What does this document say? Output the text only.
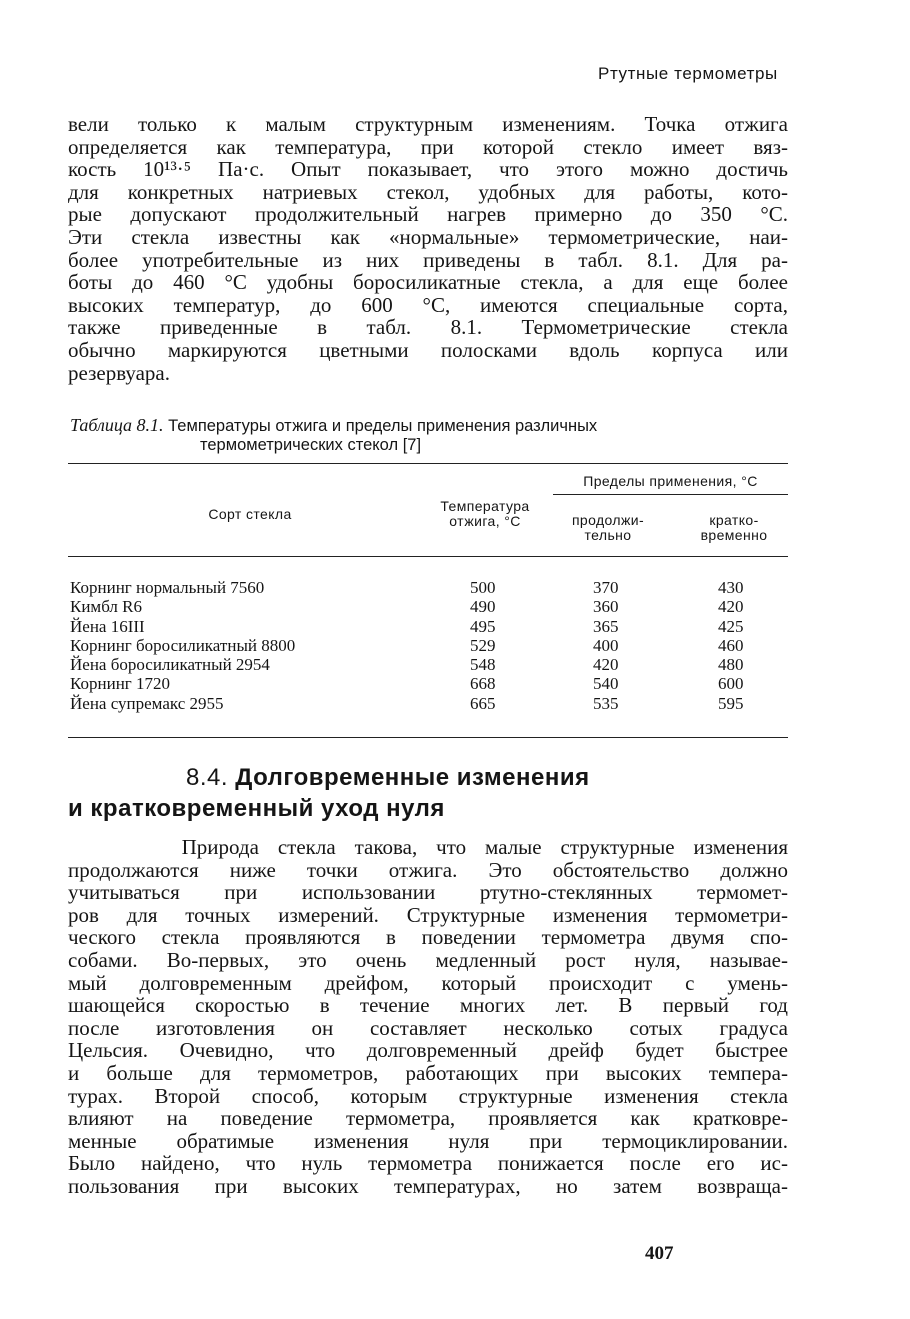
Ртутные термометры
вели только к малым структурным изменениям. Точка отжига
определяется как температура, при которой стекло имеет вяз-
кость 10¹³·⁵ Па·с. Опыт показывает, что этого можно достичь
для конкретных натриевых стекол, удобных для работы, кото-
рые допускают продолжительный нагрев примерно до 350 °С.
Эти стекла известны как «нормальные» термометрические, наи-
более употребительные из них приведены в табл. 8.1. Для ра-
боты до 460 °С удобны боросиликатные стекла, а для еще более
высоких температур, до 600 °С, имеются специальные сорта,
также приведенные в табл. 8.1. Термометрические стекла
обычно маркируются цветными полосками вдоль корпуса или
резервуара.
Таблица 8.1. Температуры отжига и пределы применения различных
термометрических стекол [7]
Сорт стекла	Температура
отжига, °С
Пределы применения, °С
продолжи-
тельно
кратко-
временно
Корнинг нормальный 7560	500	370	430
Кимбл R6	490	360	420
Йена 16III	495	365	425
Корнинг боросиликатный 8800	529	400	460
Йена боросиликатный 2954	548	420	480
Корнинг 1720	668	540	600
Йена супремакс 2955	665	535	595
8.4. Долговременные изменения
и кратковременный уход нуля
Природа стекла такова, что малые структурные изменения
продолжаются ниже точки отжига. Это обстоятельство должно
учитываться при использовании ртутно-стеклянных термомет-
ров для точных измерений. Структурные изменения термометри-
ческого стекла проявляются в поведении термометра двумя спо-
собами. Во-первых, это очень медленный рост нуля, называе-
мый долговременным дрейфом, который происходит с умень-
шающейся скоростью в течение многих лет. В первый год
после изготовления он составляет несколько сотых градуса
Цельсия. Очевидно, что долговременный дрейф будет быстрее
и больше для термометров, работающих при высоких темпера-
турах. Второй способ, которым структурные изменения стекла
влияют на поведение термометра, проявляется как кратковре-
менные обратимые изменения нуля при термоциклировании.
Было найдено, что нуль термометра понижается после его ис-
пользования при высоких температурах, но затем возвраща-
407
